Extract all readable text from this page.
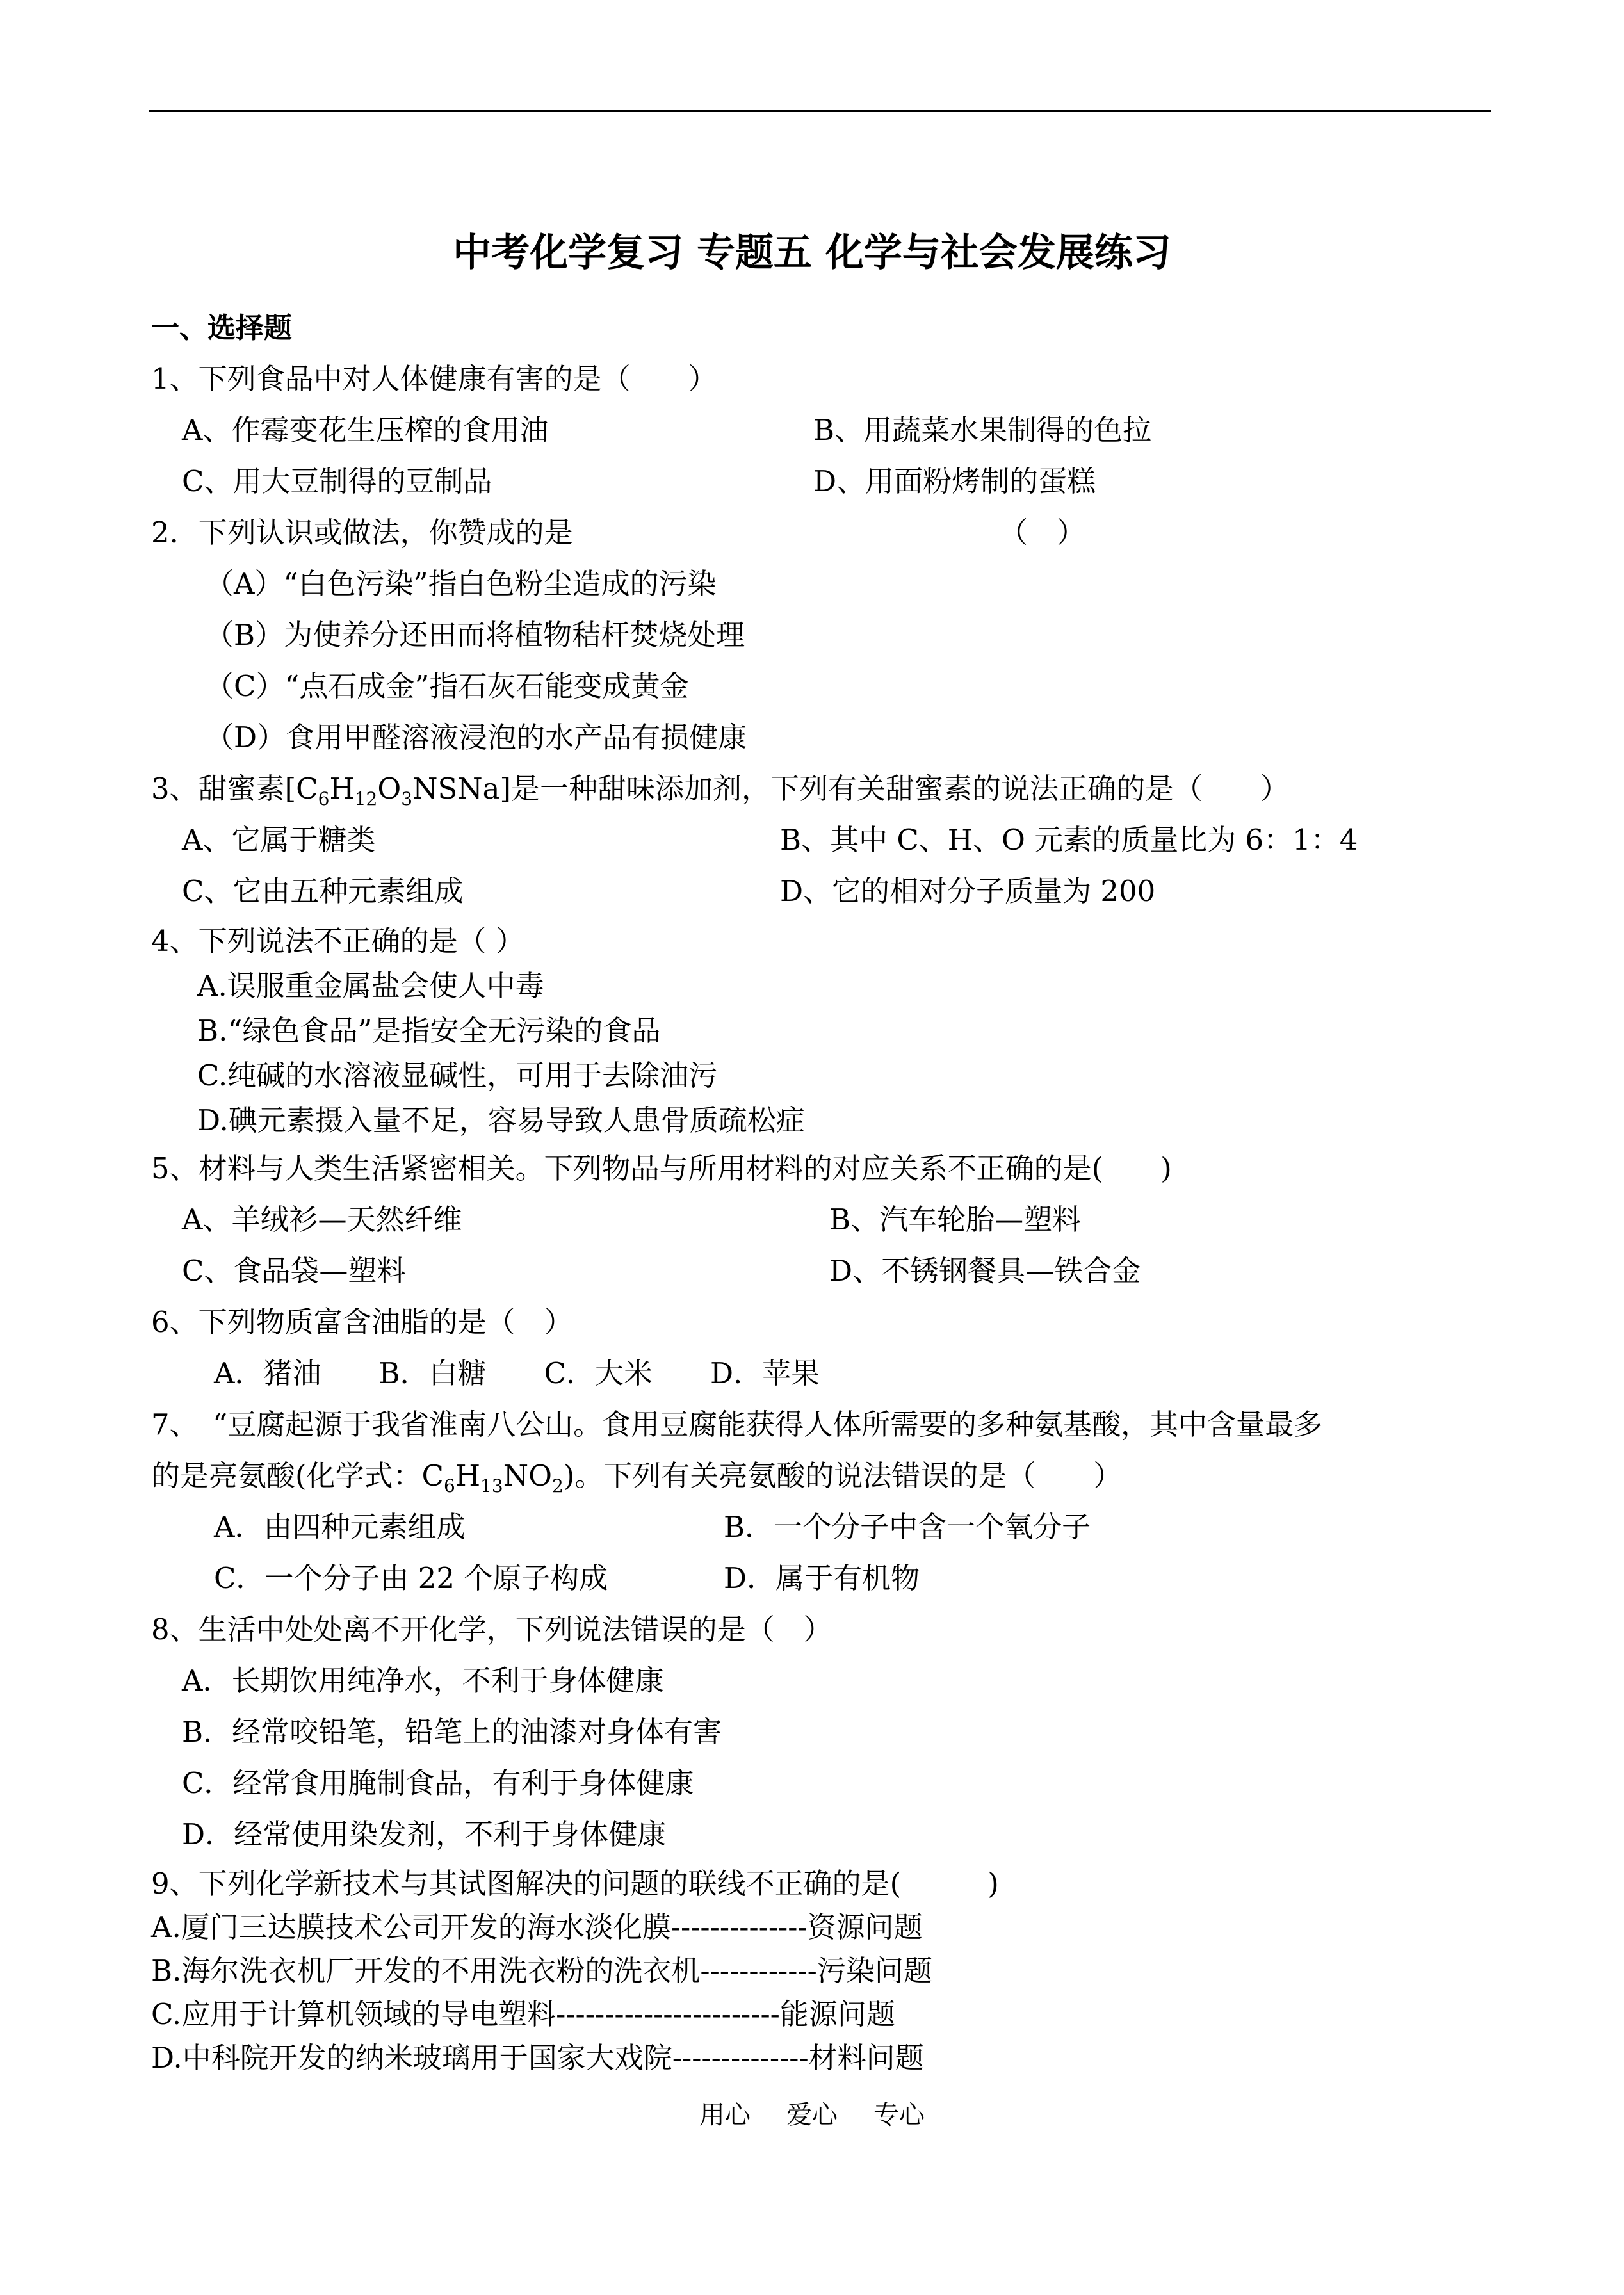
中考化学复习 专题五 化学与社会发展练习
一、选择题
1、下列食品中对人体健康有害的是（　　）
A、作霉变花生压榨的食用油	B、用蔬菜水果制得的色拉
C、用大豆制得的豆制品	D、用面粉烤制的蛋糕
2．下列认识或做法，你赞成的是	（　）
（A）“白色污染”指白色粉尘造成的污染
（B）为使养分还田而将植物秸杆焚烧处理
（C）“点石成金”指石灰石能变成黄金
（D）食用甲醛溶液浸泡的水产品有损健康
3、甜蜜素$[C_6H_{12}O_3NSNa]$是一种甜味添加剂，下列有关甜蜜素的说法正确的是（　　）
A、它属于糖类	B、其中 C、H、O 元素的质量比为 6：1：4
C、它由五种元素组成	D、它的相对分子质量为 200
4、下列说法不正确的是（ ）
A.误服重金属盐会使人中毒
B.“绿色食品”是指安全无污染的食品
C.纯碱的水溶液显碱性，可用于去除油污
D.碘元素摄入量不足，容易导致人患骨质疏松症
5、材料与人类生活紧密相关。下列物品与所用材料的对应关系不正确的是(　　)
A、羊绒衫—天然纤维	B、汽车轮胎—塑料
C、食品袋—塑料	D、不锈钢餐具—铁合金
6、下列物质富含油脂的是（　）
A．猪油　　B．白糖　　C．大米　　D．苹果
7、　“豆腐起源于我省淮南八公山。食用豆腐能获得人体所需要的多种氨基酸，其中含量最多
的是亮氨酸(化学式：$C_6H_{13}NO_2$)。下列有关亮氨酸的说法错误的是（　　）
A．由四种元素组成	B．一个分子中含一个氧分子
C．一个分子由 22 个原子构成	D．属于有机物
8、生活中处处离不开化学，下列说法错误的是（　）
A．长期饮用纯净水，不利于身体健康
B．经常咬铅笔，铅笔上的油漆对身体有害
C．经常食用腌制食品，有利于身体健康
D．经常使用染发剂，不利于身体健康
9、下列化学新技术与其试图解决的问题的联线不正确的是(　　　)
A.厦门三达膜技术公司开发的海水淡化膜--------------资源问题
B.海尔洗衣机厂开发的不用洗衣粉的洗衣机------------污染问题
C.应用于计算机领域的导电塑料-----------------------能源问题
D.中科院开发的纳米玻璃用于国家大戏院--------------材料问题
用心 爱心 专心
